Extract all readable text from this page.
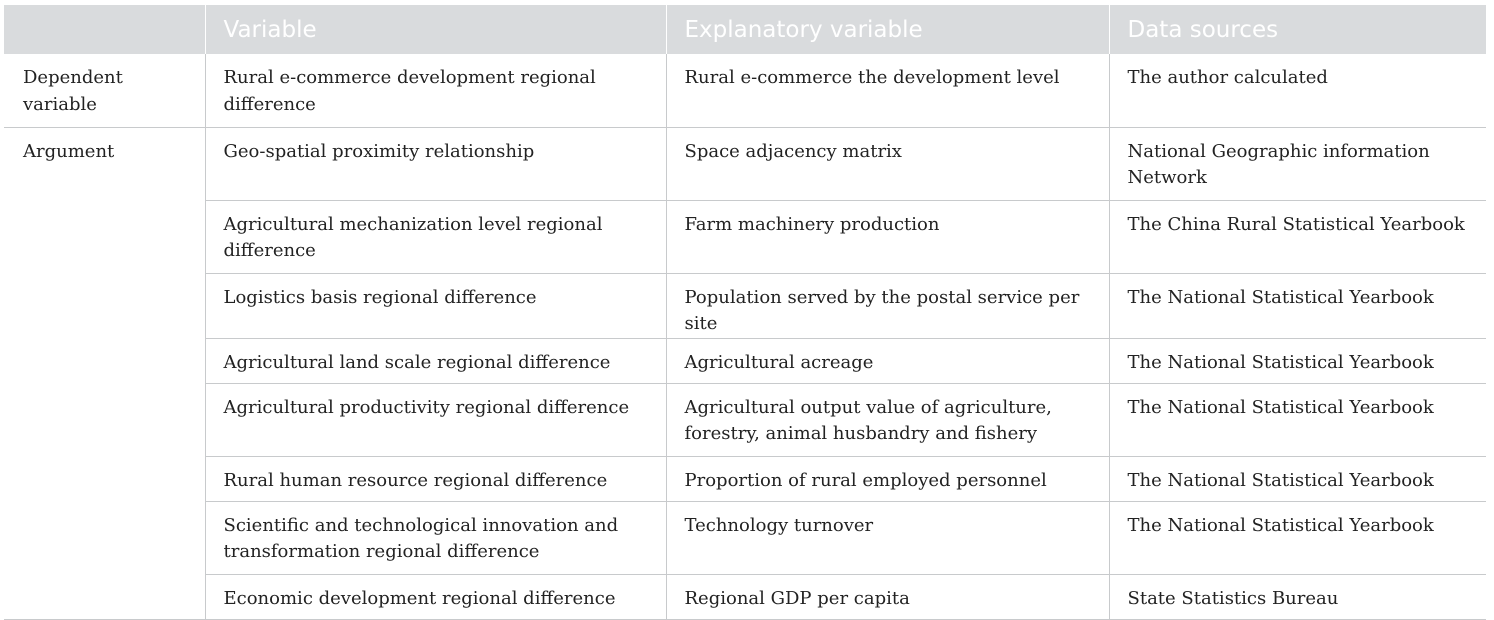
	Variable	Explanatory variable	Data sources
Dependent variable	Rural e-commerce development regional difference	Rural e-commerce the development level	The author calculated
Argument	Geo-spatial proximity relationship	Space adjacency matrix	National Geographic information Network
	Agricultural mechanization level regional difference	Farm machinery production	The China Rural Statistical Yearbook
	Logistics basis regional difference	Population served by the postal service per site	The National Statistical Yearbook
	Agricultural land scale regional difference	Agricultural acreage	The National Statistical Yearbook
	Agricultural productivity regional difference	Agricultural output value of agriculture, forestry, animal husbandry and fishery	The National Statistical Yearbook
	Rural human resource regional difference	Proportion of rural employed personnel	The National Statistical Yearbook
	Scientific and technological innovation and transformation regional difference	Technology turnover	The National Statistical Yearbook
	Economic development regional difference	Regional GDP per capita	State Statistics Bureau
